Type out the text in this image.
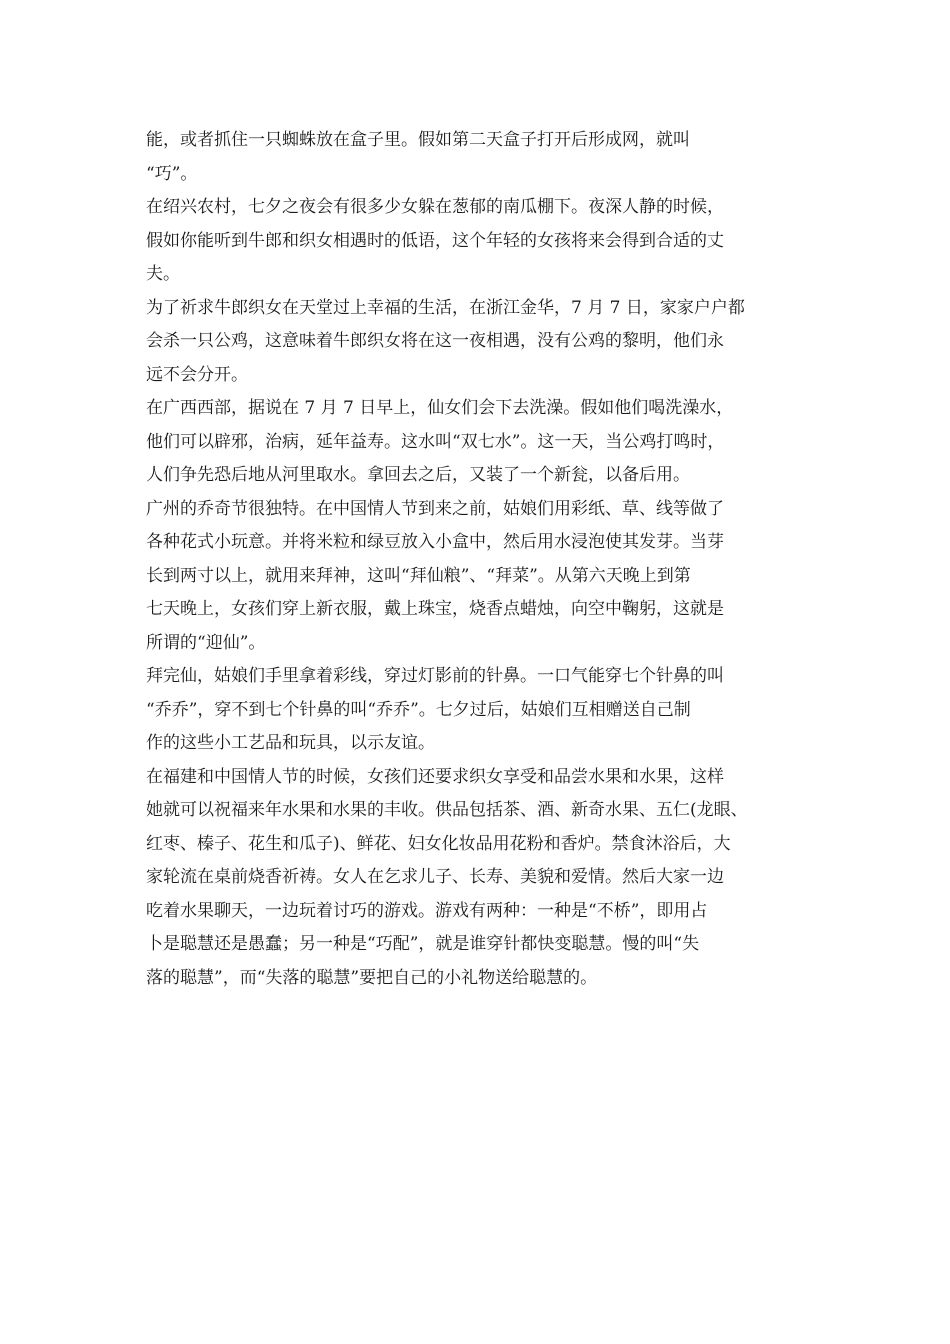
能，或者抓住一只蜘蛛放在盒子里。假如第二天盒子打开后形成网，就叫
“巧”。
在绍兴农村，七夕之夜会有很多少女躲在葱郁的南瓜棚下。夜深人静的时候，
假如你能听到牛郎和织女相遇时的低语，这个年轻的女孩将来会得到合适的丈
夫。
为了祈求牛郎织女在天堂过上幸福的生活，在浙江金华，7 月 7 日，家家户户都
会杀一只公鸡，这意味着牛郎织女将在这一夜相遇，没有公鸡的黎明，他们永
远不会分开。
在广西西部，据说在 7 月 7 日早上，仙女们会下去洗澡。假如他们喝洗澡水，
他们可以辟邪，治病，延年益寿。这水叫“双七水”。这一天，当公鸡打鸣时，
人们争先恐后地从河里取水。拿回去之后，又装了一个新瓮，以备后用。
广州的乔奇节很独特。在中国情人节到来之前，姑娘们用彩纸、草、线等做了
各种花式小玩意。并将米粒和绿豆放入小盒中，然后用水浸泡使其发芽。当芽
长到两寸以上，就用来拜神，这叫“拜仙粮”、“拜菜”。从第六天晚上到第
七天晚上，女孩们穿上新衣服，戴上珠宝，烧香点蜡烛，向空中鞠躬，这就是
所谓的“迎仙”。
拜完仙，姑娘们手里拿着彩线，穿过灯影前的针鼻。一口气能穿七个针鼻的叫
“乔乔”，穿不到七个针鼻的叫“乔乔”。七夕过后，姑娘们互相赠送自己制
作的这些小工艺品和玩具，以示友谊。
在福建和中国情人节的时候，女孩们还要求织女享受和品尝水果和水果，这样
她就可以祝福来年水果和水果的丰收。供品包括茶、酒、新奇水果、五仁(龙眼、
红枣、榛子、花生和瓜子)、鲜花、妇女化妆品用花粉和香炉。禁食沐浴后，大
家轮流在桌前烧香祈祷。女人在乞求儿子、长寿、美貌和爱情。然后大家一边
吃着水果聊天，一边玩着讨巧的游戏。游戏有两种：一种是“不桥”，即用占
卜是聪慧还是愚蠢；另一种是“巧配”，就是谁穿针都快变聪慧。慢的叫“失
落的聪慧”，而“失落的聪慧”要把自己的小礼物送给聪慧的。
